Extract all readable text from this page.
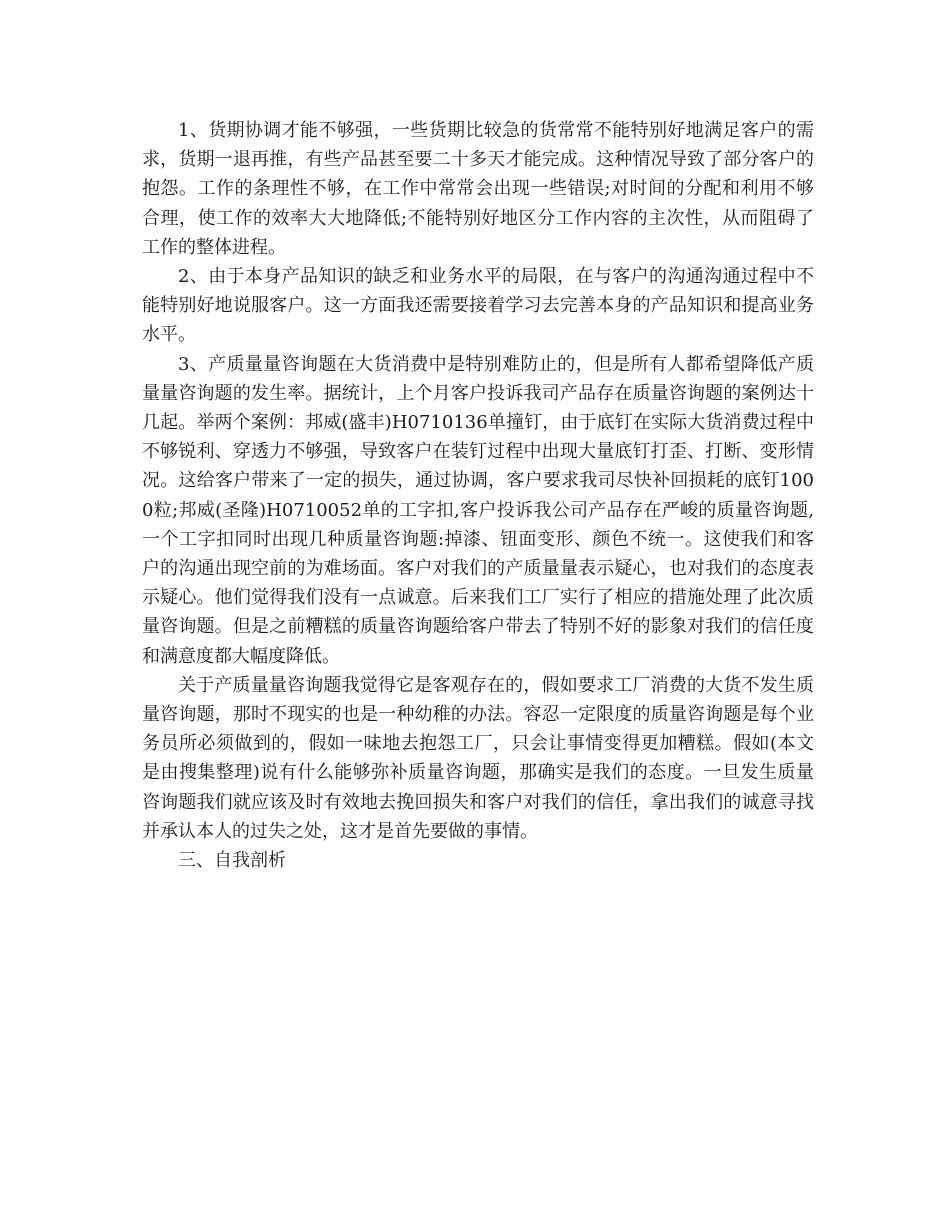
1、货期协调才能不够强，一些货期比较急的货常常不能特别好地满足客户的需求，货期一退再推，有些产品甚至要二十多天才能完成。这种情况导致了部分客户的抱怨。工作的条理性不够，在工作中常常会出现一些错误;对时间的分配和利用不够合理，使工作的效率大大地降低;不能特别好地区分工作内容的主次性，从而阻碍了工作的整体进程。

2、由于本身产品知识的缺乏和业务水平的局限，在与客户的沟通沟通过程中不能特别好地说服客户。这一方面我还需要接着学习去完善本身的产品知识和提高业务水平。

3、产质量量咨询题在大货消费中是特别难防止的，但是所有人都希望降低产质量量咨询题的发生率。据统计，上个月客户投诉我司产品存在质量咨询题的案例达十几起。举两个案例：邦威(盛丰)H0710136单撞钉，由于底钉在实际大货消费过程中不够锐利、穿透力不够强，导致客户在装钉过程中出现大量底钉打歪、打断、变形情况。这给客户带来了一定的损失，通过协调，客户要求我司尽快补回损耗的底钉1000粒;邦威(圣隆)H0710052单的工字扣,客户投诉我公司产品存在严峻的质量咨询题,一个工字扣同时出现几种质量咨询题:掉漆、钮面变形、颜色不统一。这使我们和客户的沟通出现空前的为难场面。客户对我们的产质量量表示疑心，也对我们的态度表示疑心。他们觉得我们没有一点诚意。后来我们工厂实行了相应的措施处理了此次质量咨询题。但是之前糟糕的质量咨询题给客户带去了特别不好的影象对我们的信任度和满意度都大幅度降低。

关于产质量量咨询题我觉得它是客观存在的，假如要求工厂消费的大货不发生质量咨询题，那时不现实的也是一种幼稚的办法。容忍一定限度的质量咨询题是每个业务员所必须做到的，假如一味地去抱怨工厂，只会让事情变得更加糟糕。假如(本文是由搜集整理)说有什么能够弥补质量咨询题，那确实是我们的态度。一旦发生质量咨询题我们就应该及时有效地去挽回损失和客户对我们的信任，拿出我们的诚意寻找并承认本人的过失之处，这才是首先要做的事情。

三、自我剖析
